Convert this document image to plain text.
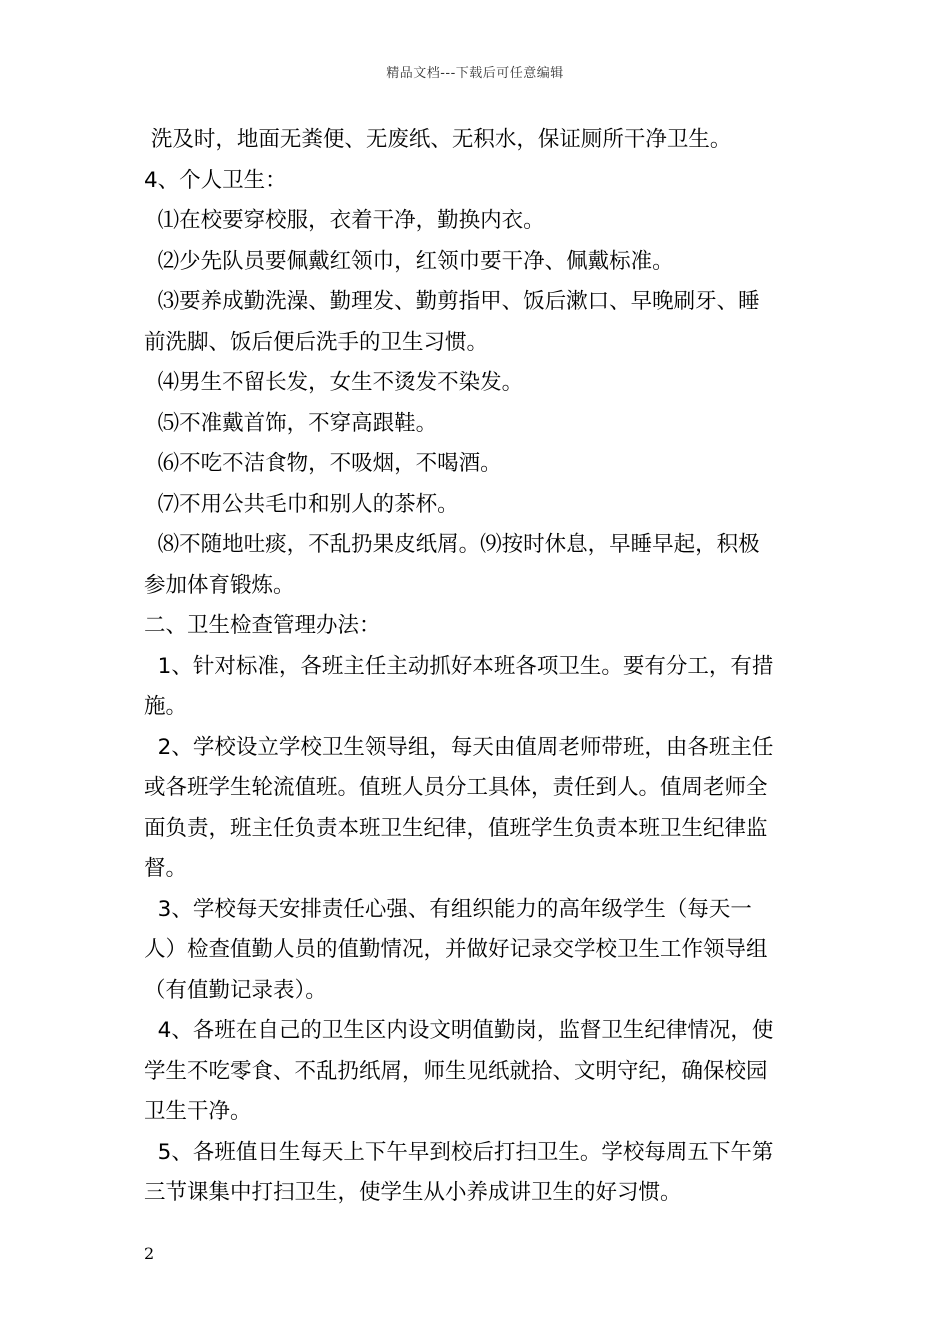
精品文档---下载后可任意编辑

洗及时，地面无粪便、无废纸、无积水，保证厕所干净卫生。

4、个人卫生：

⑴在校要穿校服，衣着干净，勤换内衣。

⑵少先队员要佩戴红领巾，红领巾要干净、佩戴标准。

⑶要养成勤洗澡、勤理发、勤剪指甲、饭后漱口、早晚刷牙、睡

前洗脚、饭后便后洗手的卫生习惯。

⑷男生不留长发，女生不烫发不染发。

⑸不准戴首饰，不穿高跟鞋。

⑹不吃不洁食物，不吸烟，不喝酒。

⑺不用公共毛巾和别人的茶杯。

⑻不随地吐痰，不乱扔果皮纸屑。⑼按时休息，早睡早起，积极

参加体育锻炼。

二、卫生检查管理办法：

1、针对标准，各班主任主动抓好本班各项卫生。要有分工，有措

施。

2、学校设立学校卫生领导组，每天由值周老师带班，由各班主任

或各班学生轮流值班。值班人员分工具体，责任到人。值周老师全

面负责，班主任负责本班卫生纪律，值班学生负责本班卫生纪律监

督。

3、学校每天安排责任心强、有组织能力的高年级学生（每天一

人）检查值勤人员的值勤情况，并做好记录交学校卫生工作领导组

（有值勤记录表）。

4、各班在自己的卫生区内设文明值勤岗，监督卫生纪律情况，使

学生不吃零食、不乱扔纸屑，师生见纸就拾、文明守纪，确保校园

卫生干净。

5、各班值日生每天上下午早到校后打扫卫生。学校每周五下午第

三节课集中打扫卫生，使学生从小养成讲卫生的好习惯。

2
